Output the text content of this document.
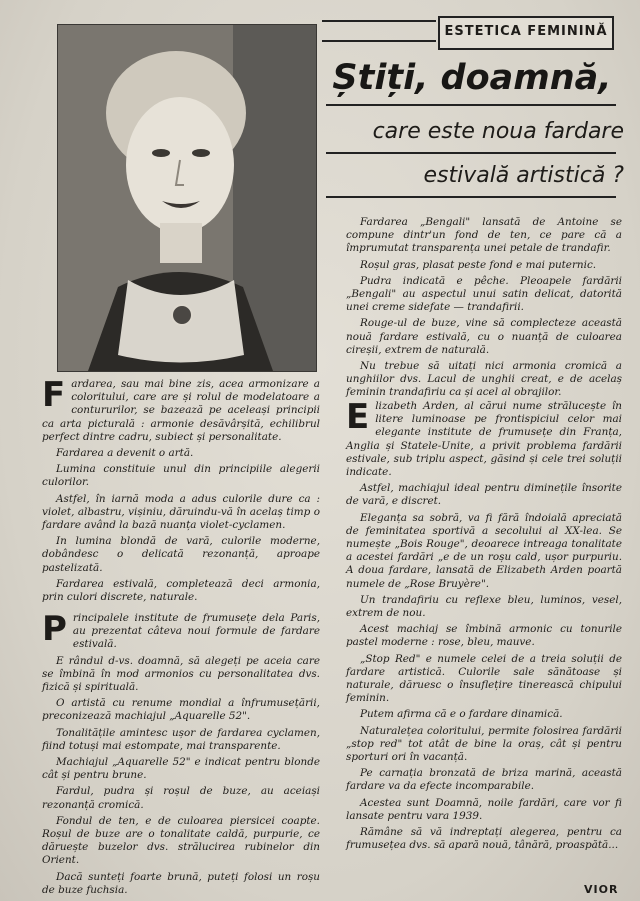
ESTETICA FEMININĂ
Știți, doamnă,
care este noua fardare
estivală artistică ?

Fardarea, sau mai bine zis, acea armonizare a coloritului, care are și rolul de modelatoare a contururilor, se bazează pe aceleași principii ca arta picturală : armonie desăvârșită, echilibrul perfect dintre cadru, subiect și personalitate.

Fardarea a devenit o artă.

Lumina constituie unul din principiile alegerii culorilor.

Astfel, în iarnă moda a adus culorile dure ca : violet, albastru, vișiniu, dăruindu-vă în acelaș timp o fardare având la bază nuanța violet-cyclamen.

In lumina blondă de vară, culorile moderne, dobândesc o delicată rezonanță, aproape pastelizată.

Fardarea estivală, completează deci armonia, prin culori discrete, naturale.

Principalele institute de frumusețe dela Paris, au prezentat câteva noui formule de fardare estivală.

E rândul d-vs. doamnă, să alegeți pe aceia care se îmbină în mod armonios cu personalitatea dvs. fizică și spirituală.

O artistă cu renume mondial a înfrumusețării, preconizează machiajul „Aquarelle 52".

Tonalitățile amintesc ușor de fardarea cyclamen, fiind totuși mai estompate, mai transparente.

Machiajul „Aquarelle 52" e indicat pentru blonde cât și pentru brune.

Fardul, pudra și roșul de buze, au aceiași rezonanță cromică.

Fondul de ten, e de culoarea piersicei coapte. Roșul de buze are o tonalitate caldă, purpurie, ce dăruește buzelor dvs. strălucirea rubinelor din Orient.

Dacă sunteți foarte brună, puteți folosi un roșu de buze fuchsia.

Fardarea „Bengali" lansată de Antoine se compune dintr'un fond de ten, ce pare că a împrumutat transparența unei petale de trandafir.

Roșul gras, plasat peste fond e mai puternic.

Pudra indicată e pêche. Pleoapele fardării „Bengali" au aspectul unui satin delicat, datorită unei creme sidefate — trandafirii.

Rouge-ul de buze, vine să complecteze această nouă fardare estivală, cu o nuanță de culoarea cireșii, extrem de naturală.

Nu trebue să uitați nici armonia cromică a unghiilor dvs. Lacul de unghii creat, e de acelaș feminin trandafiriu ca și acel al obrajilor.

Elizabeth Arden, al cărui nume strălucește în litere luminoase pe frontispiciul celor mai elegante institute de frumusețe din Franța, Anglia și Statele-Unite, a privit problema fardării estivale, sub triplu aspect, găsind și cele trei soluții indicate.

Astfel, machiajul ideal pentru diminețile însorite de vară, e discret.

Eleganța sa sobră, va fi fără îndoială apreciată de feminitatea sportivă a secolului al XX-lea. Se numește „Bois Rouge", deoarece intreaga tonalitate a acestei fardări „e de un roșu cald, ușor purpuriu. A doua fardare, lansată de Elizabeth Arden poartă numele de „Rose Bruyère".

Un trandafiriu cu reflexe bleu, luminos, vesel, extrem de nou.

Acest machiaj se îmbină armonic cu tonurile pastel moderne : rose, bleu, mauve.

„Stop Red" e numele celei de a treia soluții de fardare artistică. Culorile sale sănătoase și naturale, dăruesc o însuflețire tinerească chipului feminin.

Putem afirma că e o fardare dinamică.

Naturalețea coloritului, permite folosirea fardării „stop red" tot atât de bine la oraș, cât și pentru sporturi ori în vacanță.

Pe carnația bronzată de briza marină, această fardare va da efecte incomparabile.

Acestea sunt Doamnă, noile fardări, care vor fi lansate pentru vara 1939.

Rămâne să vă indreptați alegerea, pentru ca frumusețea dvs. să apară nouă, tânără, proaspătă...

VIOR
